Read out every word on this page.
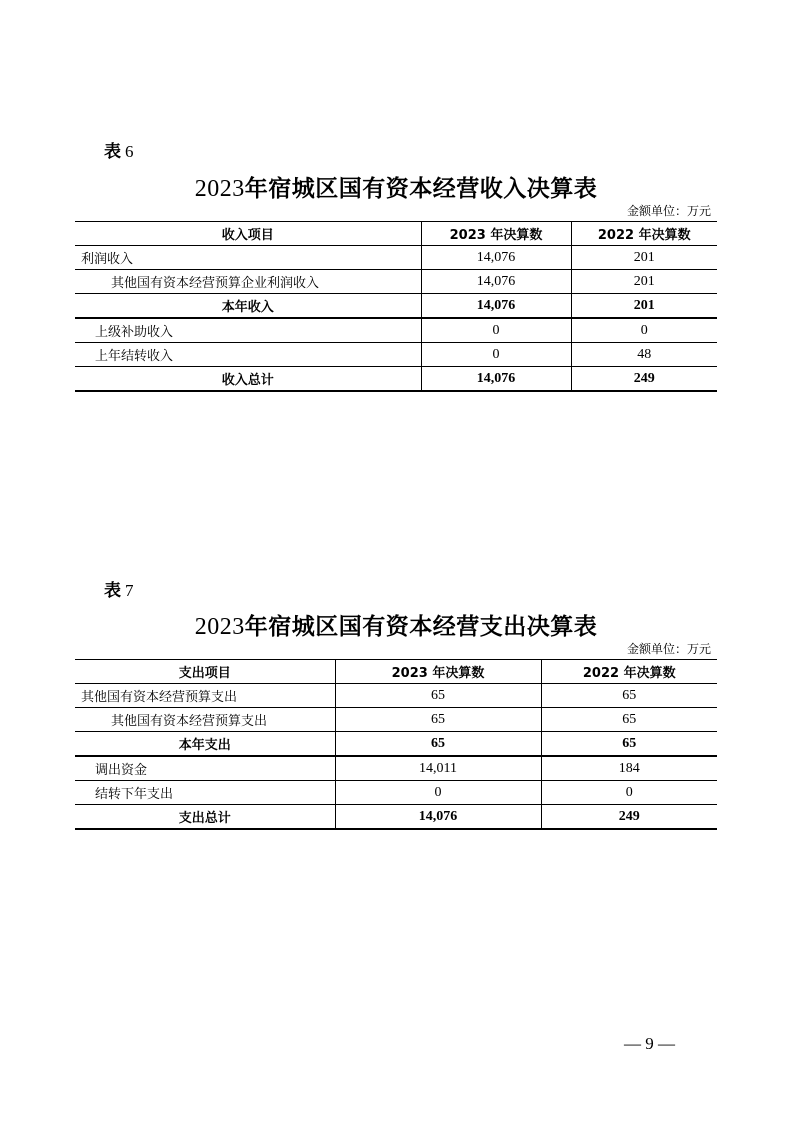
表 6
2023年宿城区国有资本经营收入决算表
金额单位：万元
收入项目	2023 年决算数	2022 年决算数
利润收入	14,076	201
其他国有资本经营预算企业利润收入	14,076	201
本年收入	14,076	201
上级补助收入	0	0
上年结转收入	0	48
收入总计	14,076	249
表 7
2023年宿城区国有资本经营支出决算表
金额单位：万元
支出项目	2023 年决算数	2022 年决算数
其他国有资本经营预算支出	65	65
其他国有资本经营预算支出	65	65
本年支出	65	65
调出资金	14,011	184
结转下年支出	0	0
支出总计	14,076	249
— 9 —
